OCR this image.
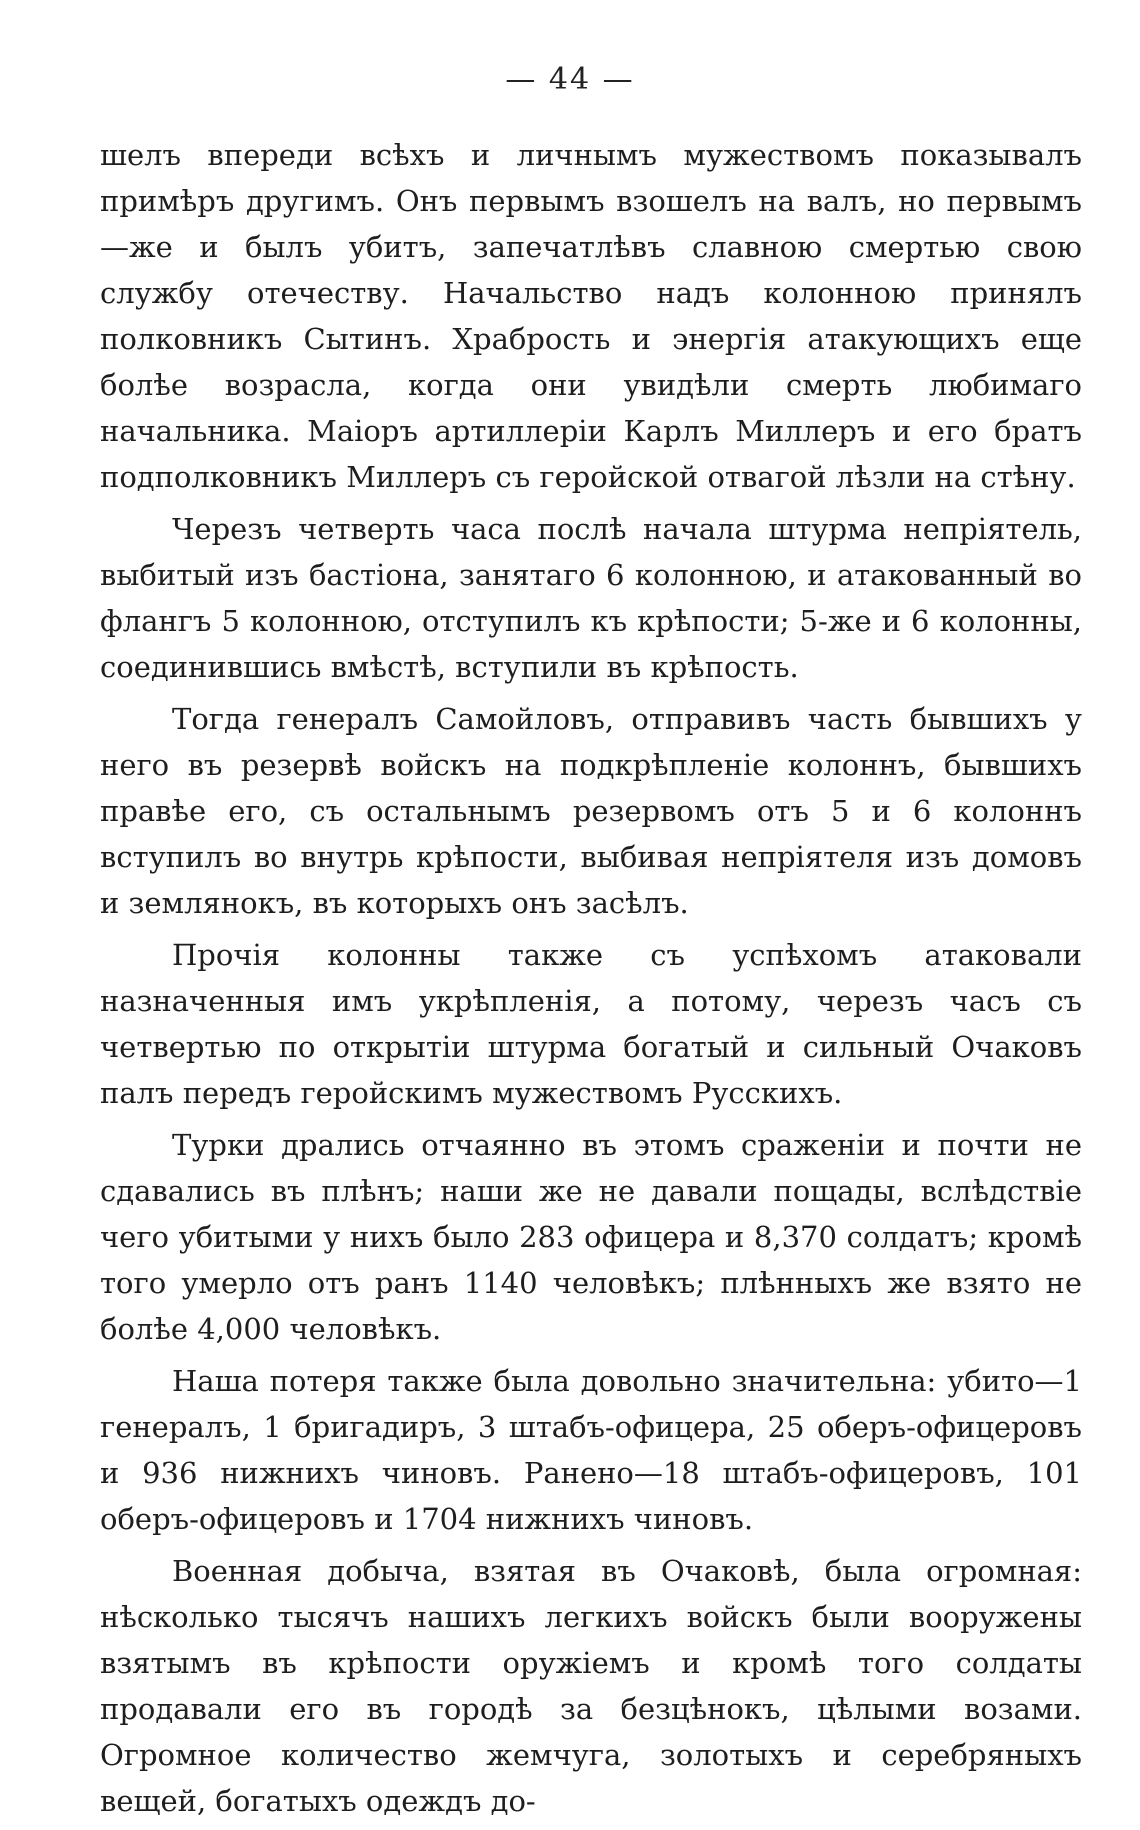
— 44 —

шелъ впереди всѣхъ и личнымъ мужествомъ показывалъ примѣръ другимъ. Онъ первымъ взошелъ на валъ, но первымъ—же и былъ убитъ, запечатлѣвъ славною смертью свою службу отечеству. Начальство надъ колонною принялъ полковникъ Сытинъ. Храбрость и энергія атакующихъ еще болѣе возрасла, когда они увидѣли смерть любимаго начальника. Маіоръ артиллеріи Карлъ Миллеръ и его братъ подполковникъ Миллеръ съ геройской отвагой лѣзли на стѣну.

Черезъ четверть часа послѣ начала штурма непріятель, выбитый изъ бастіона, занятаго 6 колонною, и атакованный во флангъ 5 колонною, отступилъ къ крѣпости; 5-же и 6 колонны, соединившись вмѣстѣ, вступили въ крѣпость.

Тогда генералъ Самойловъ, отправивъ часть бывшихъ у него въ резервѣ войскъ на подкрѣпленіе колоннъ, бывшихъ правѣе его, съ остальнымъ резервомъ отъ 5 и 6 колоннъ вступилъ во внутрь крѣпости, выбивая непріятеля изъ домовъ и землянокъ, въ которыхъ онъ засѣлъ.

Прочія колонны также съ успѣхомъ атаковали назначенныя имъ укрѣпленія, а потому, черезъ часъ съ четвертью по открытіи штурма богатый и сильный Очаковъ палъ передъ геройскимъ мужествомъ Русскихъ.

Турки дрались отчаянно въ этомъ сраженіи и почти не сдавались въ плѣнъ; наши же не давали пощады, вслѣдствіе чего убитыми у нихъ было 283 офицера и 8,370 солдатъ; кромѣ того умерло отъ ранъ 1140 человѣкъ; плѣнныхъ же взято не болѣе 4,000 человѣкъ.

Наша потеря также была довольно значительна: убито—1 генералъ, 1 бригадиръ, 3 штабъ-офицера, 25 оберъ-офицеровъ и 936 нижнихъ чиновъ. Ранено—18 штабъ-офицеровъ, 101 оберъ-офицеровъ и 1704 нижнихъ чиновъ.

Военная добыча, взятая въ Очаковѣ, была огромная: нѣсколько тысячъ нашихъ легкихъ войскъ были вооружены взятымъ въ крѣпости оружіемъ и кромѣ того солдаты продавали его въ городѣ за безцѣнокъ, цѣлыми возами. Огромное количество жемчуга, золотыхъ и серебряныхъ вещей, богатыхъ одеждъ до-
